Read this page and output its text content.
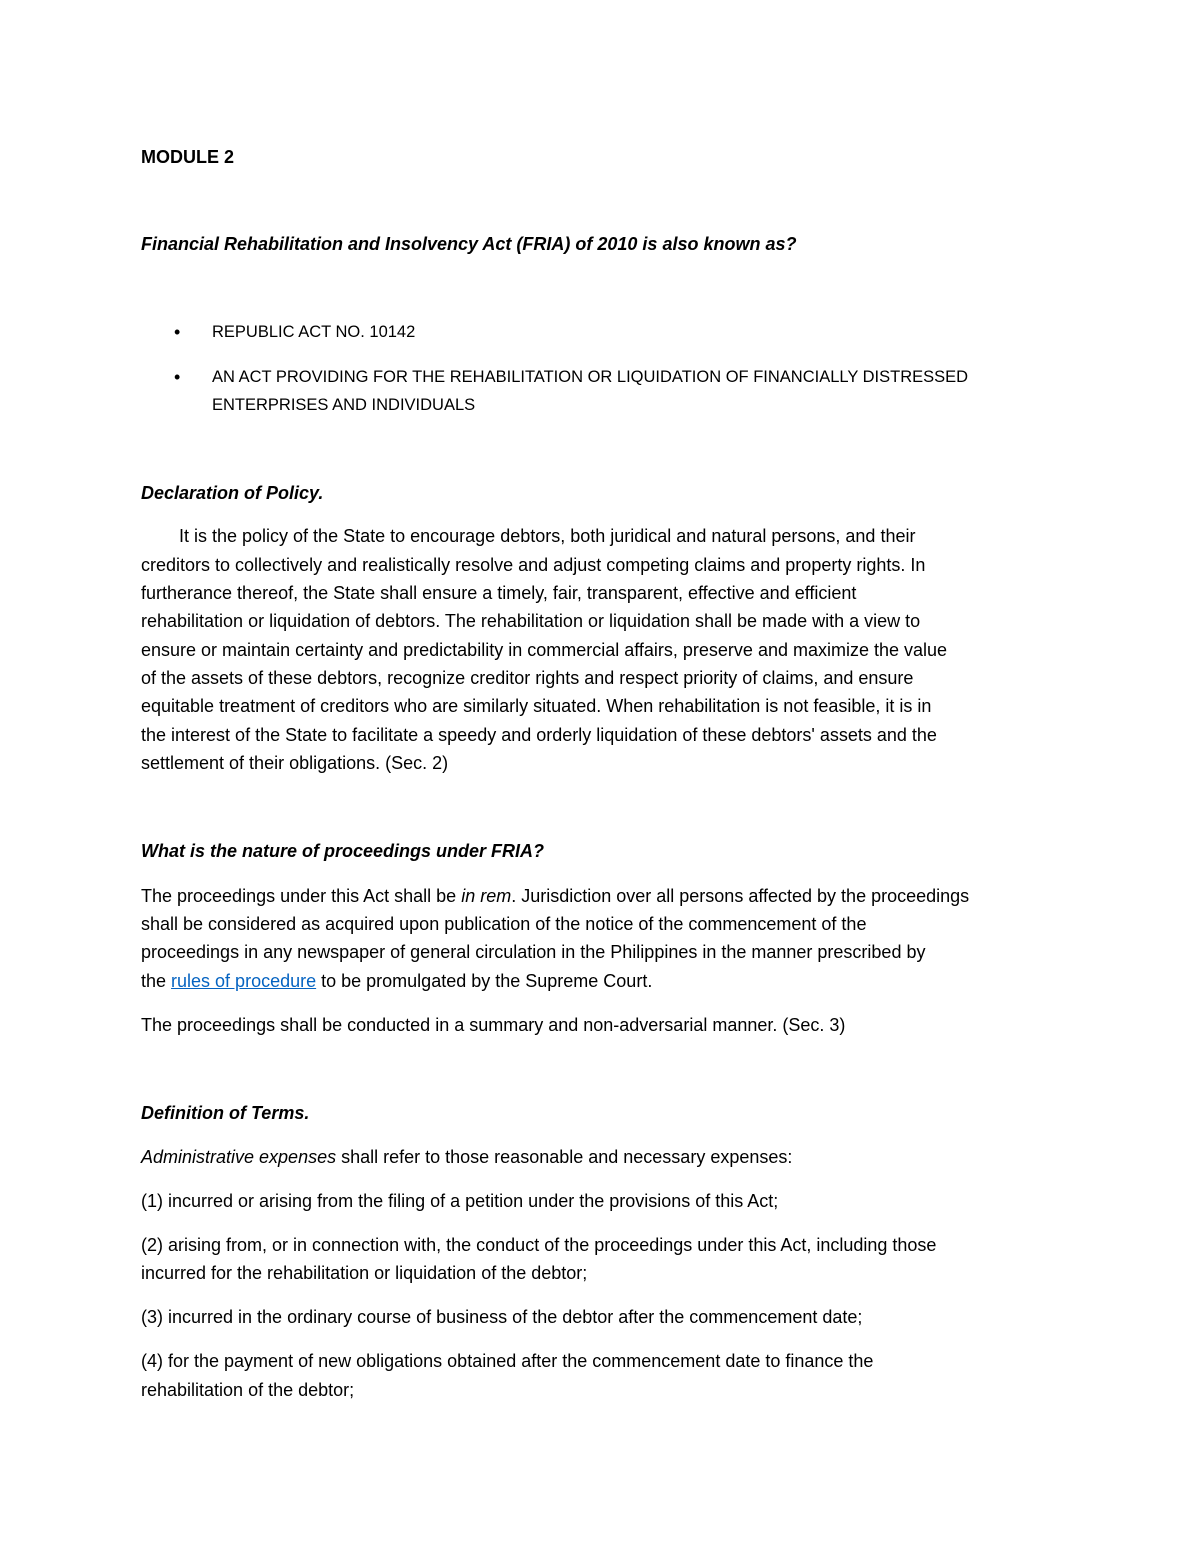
MODULE 2
Financial Rehabilitation and Insolvency Act (FRIA) of 2010 is also known as?
• REPUBLIC ACT NO. 10142
• AN ACT PROVIDING FOR THE REHABILITATION OR LIQUIDATION OF FINANCIALLY DISTRESSED
ENTERPRISES AND INDIVIDUALS
Declaration of Policy.
It is the policy of the State to encourage debtors, both juridical and natural persons, and their
creditors to collectively and realistically resolve and adjust competing claims and property rights. In
furtherance thereof, the State shall ensure a timely, fair, transparent, effective and efficient
rehabilitation or liquidation of debtors. The rehabilitation or liquidation shall be made with a view to
ensure or maintain certainty and predictability in commercial affairs, preserve and maximize the value
of the assets of these debtors, recognize creditor rights and respect priority of claims, and ensure
equitable treatment of creditors who are similarly situated. When rehabilitation is not feasible, it is in
the interest of the State to facilitate a speedy and orderly liquidation of these debtors' assets and the
settlement of their obligations. (Sec. 2)
What is the nature of proceedings under FRIA?
The proceedings under this Act shall be in rem. Jurisdiction over all persons affected by the proceedings
shall be considered as acquired upon publication of the notice of the commencement of the
proceedings in any newspaper of general circulation in the Philippines in the manner prescribed by
the rules of procedure to be promulgated by the Supreme Court.
The proceedings shall be conducted in a summary and non-adversarial manner. (Sec. 3)
Definition of Terms.
Administrative expenses shall refer to those reasonable and necessary expenses:
(1) incurred or arising from the filing of a petition under the provisions of this Act;
(2) arising from, or in connection with, the conduct of the proceedings under this Act, including those
incurred for the rehabilitation or liquidation of the debtor;
(3) incurred in the ordinary course of business of the debtor after the commencement date;
(4) for the payment of new obligations obtained after the commencement date to finance the
rehabilitation of the debtor;
